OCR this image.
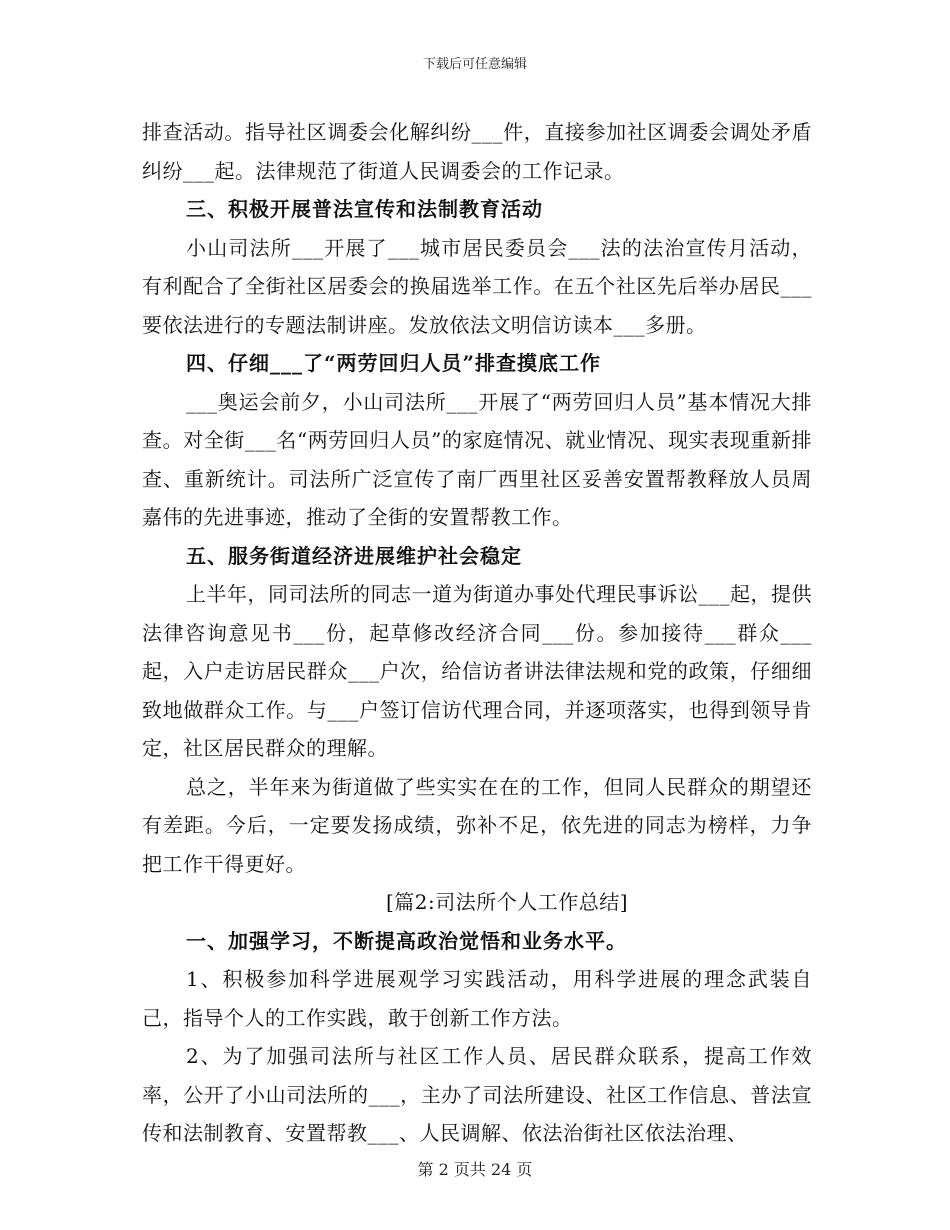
下载后可任意编辑

排查活动。指导社区调委会化解纠纷___件，直接参加社区调委会调处矛盾纠纷___起。法律规范了街道人民调委会的工作记录。

三、积极开展普法宣传和法制教育活动

小山司法所___开展了___城市居民委员会___法的法治宣传月活动，有利配合了全街社区居委会的换届选举工作。在五个社区先后举办居民___要依法进行的专题法制讲座。发放依法文明信访读本___多册。

四、仔细___了“两劳回归人员”排查摸底工作

___奥运会前夕，小山司法所___开展了“两劳回归人员”基本情况大排查。对全街___名“两劳回归人员”的家庭情况、就业情况、现实表现重新排查、重新统计。司法所广泛宣传了南厂西里社区妥善安置帮教释放人员周嘉伟的先进事迹，推动了全街的安置帮教工作。

五、服务街道经济进展维护社会稳定

上半年，同司法所的同志一道为街道办事处代理民事诉讼___起，提供法律咨询意见书___份，起草修改经济合同___份。参加接待___群众___起，入户走访居民群众___户次，给信访者讲法律法规和党的政策，仔细细致地做群众工作。与___户签订信访代理合同，并逐项落实，也得到领导肯定，社区居民群众的理解。

总之，半年来为街道做了些实实在在的工作，但同人民群众的期望还有差距。今后，一定要发扬成绩，弥补不足，依先进的同志为榜样，力争把工作干得更好。

[篇2:司法所个人工作总结]

一、加强学习，不断提高政治觉悟和业务水平。

1、积极参加科学进展观学习实践活动，用科学进展的理念武装自己，指导个人的工作实践，敢于创新工作方法。

2、为了加强司法所与社区工作人员、居民群众联系，提高工作效率，公开了小山司法所的___，主办了司法所建设、社区工作信息、普法宣传和法制教育、安置帮教___、人民调解、依法治街社区依法治理、

第 2 页共 24 页
